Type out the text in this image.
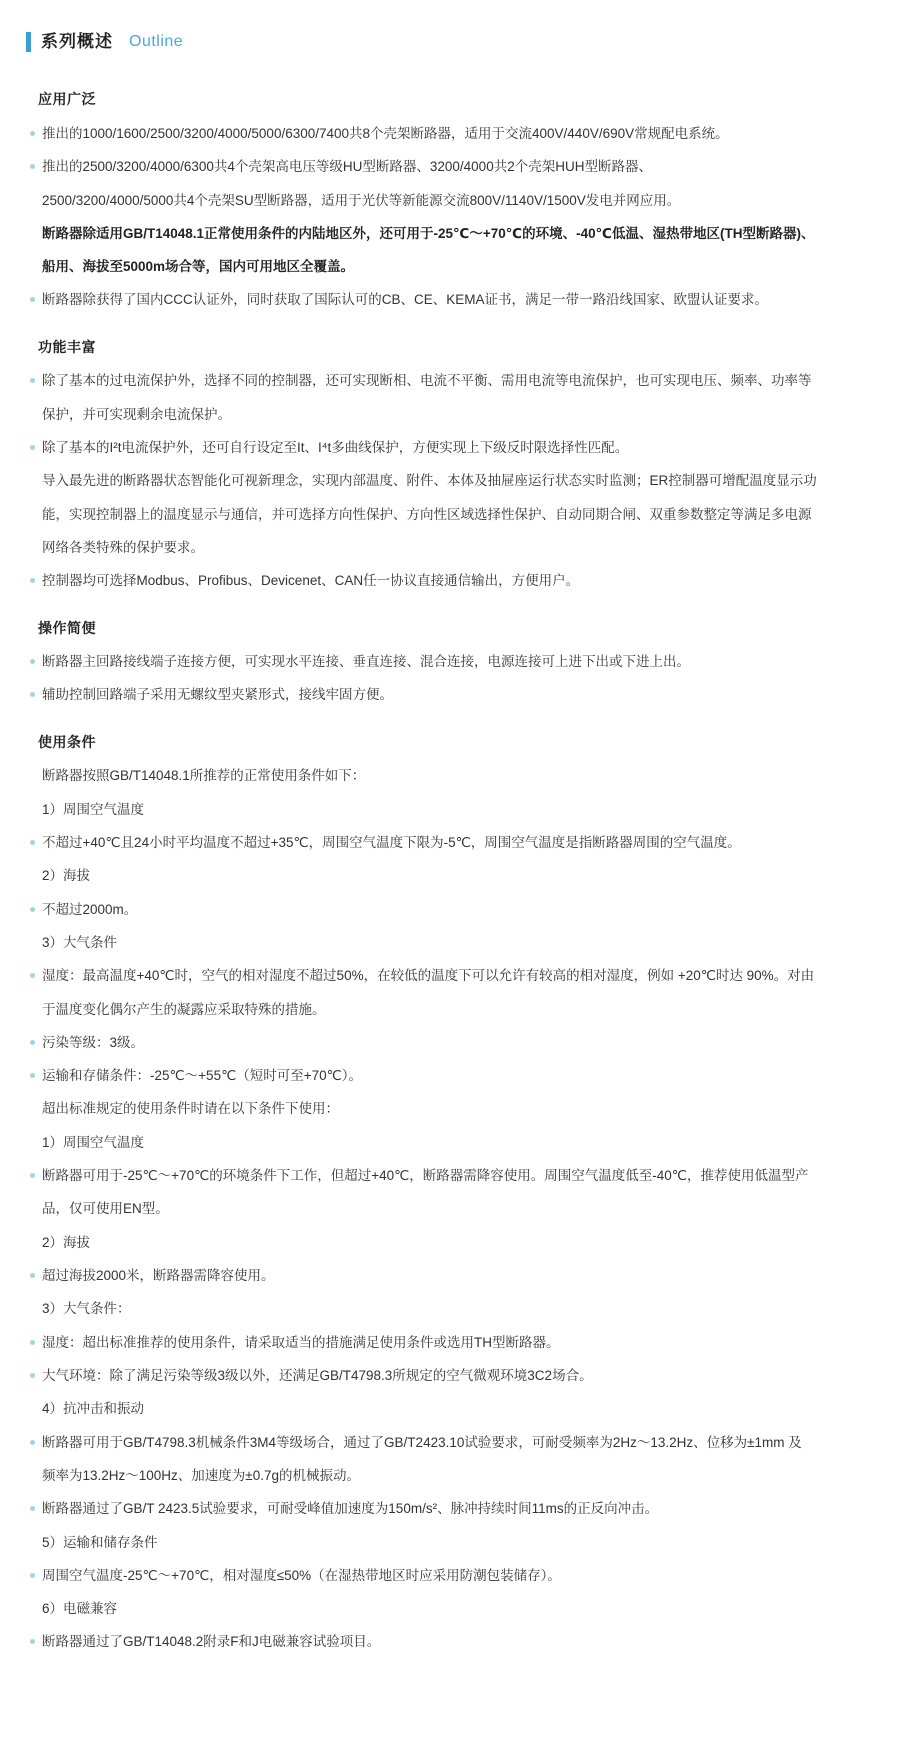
系列概述 Outline
应用广泛
推出的1000/1600/2500/3200/4000/5000/6300/7400共8个壳架断路器，适用于交流400V/440V/690V常规配电系统。
推出的2500/3200/4000/6300共4个壳架高电压等级HU型断路器、3200/4000共2个壳架HUH型断路器、
2500/3200/4000/5000共4个壳架SU型断路器，适用于光伏等新能源交流800V/1140V/1500V发电并网应用。
断路器除适用GB/T14048.1正常使用条件的内陆地区外，还可用于-25℃～+70℃的环境、-40℃低温、湿热带地区(TH型断路器)、
船用、海拔至5000m场合等，国内可用地区全覆盖。
断路器除获得了国内CCC认证外，同时获取了国际认可的CB、CE、KEMA证书，满足一带一路沿线国家、欧盟认证要求。
功能丰富
除了基本的过电流保护外，选择不同的控制器，还可实现断相、电流不平衡、需用电流等电流保护，也可实现电压、频率、功率等
保护，并可实现剩余电流保护。
除了基本的I²t电流保护外，还可自行设定至It、I⁴t多曲线保护，方便实现上下级反时限选择性匹配。
导入最先进的断路器状态智能化可视新理念，实现内部温度、附件、本体及抽屉座运行状态实时监测；ER控制器可增配温度显示功
能，实现控制器上的温度显示与通信，并可选择方向性保护、方向性区域选择性保护、自动同期合闸、双重参数整定等满足多电源
网络各类特殊的保护要求。
控制器均可选择Modbus、Profibus、Devicenet、CAN任一协议直接通信输出，方便用户。
操作简便
断路器主回路接线端子连接方便，可实现水平连接、垂直连接、混合连接，电源连接可上进下出或下进上出。
辅助控制回路端子采用无螺纹型夹紧形式，接线牢固方便。
使用条件
断路器按照GB/T14048.1所推荐的正常使用条件如下：
1）周围空气温度
不超过+40℃且24小时平均温度不超过+35℃，周围空气温度下限为-5℃，周围空气温度是指断路器周围的空气温度。
2）海拔
不超过2000m。
3）大气条件
湿度：最高温度+40℃时，空气的相对湿度不超过50%，在较低的温度下可以允许有较高的相对湿度，例如 +20℃时达 90%。对由
于温度变化偶尔产生的凝露应采取特殊的措施。
污染等级：3级。
运输和存储条件：-25℃～+55℃（短时可至+70℃）。
超出标准规定的使用条件时请在以下条件下使用：
1）周围空气温度
断路器可用于-25℃～+70℃的环境条件下工作，但超过+40℃，断路器需降容使用。周围空气温度低至-40℃，推荐使用低温型产
品，仅可使用EN型。
2）海拔
超过海拔2000米，断路器需降容使用。
3）大气条件：
湿度：超出标准推荐的使用条件，请采取适当的措施满足使用条件或选用TH型断路器。
大气环境：除了满足污染等级3级以外，还满足GB/T4798.3所规定的空气微观环境3C2场合。
4）抗冲击和振动
断路器可用于GB/T4798.3机械条件3M4等级场合，通过了GB/T2423.10试验要求，可耐受频率为2Hz～13.2Hz、位移为±1mm 及
频率为13.2Hz～100Hz、加速度为±0.7g的机械振动。
断路器通过了GB/T 2423.5试验要求，可耐受峰值加速度为150m/s²、脉冲持续时间11ms的正反向冲击。
5）运输和储存条件
周围空气温度-25℃～+70℃，相对湿度≤50%（在湿热带地区时应采用防潮包装储存）。
6）电磁兼容
断路器通过了GB/T14048.2附录F和J电磁兼容试验项目。
